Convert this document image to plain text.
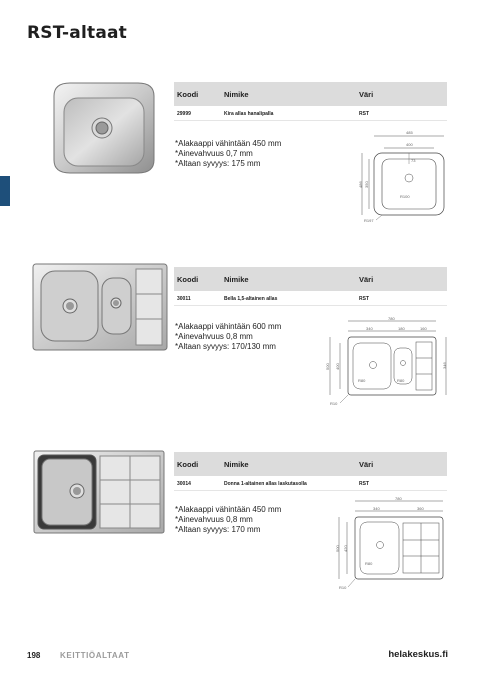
RST-altaat
Koodi	Nimike	Väri
29999	Kira allas hanalipalla	RST
*Alakaappi vähintään 450 mm
*Ainevahvuus 0,7 mm
*Altaan syvyys: 175 mm
485
400
73
R100
486 350
R197
Koodi	Nimike	Väri
30011	Bella 1,5-altainen allas	RST
*Alakaappi vähintään 600 mm
*Ainevahvuus 0,8 mm
*Altaan syvyys: 170/130 mm
780
340	180	160
R80	R80
500 400	346
R10
Koodi	Nimike	Väri
30014	Donna 1-altainen allas laskutasolla	RST
*Alakaappi vähintään 450 mm
*Ainevahvuus 0,8 mm
*Altaan syvyys: 170 mm
780
340	360
R80
500 420
R10
198 KEITTIÖALTAAT	helakeskus.fi
